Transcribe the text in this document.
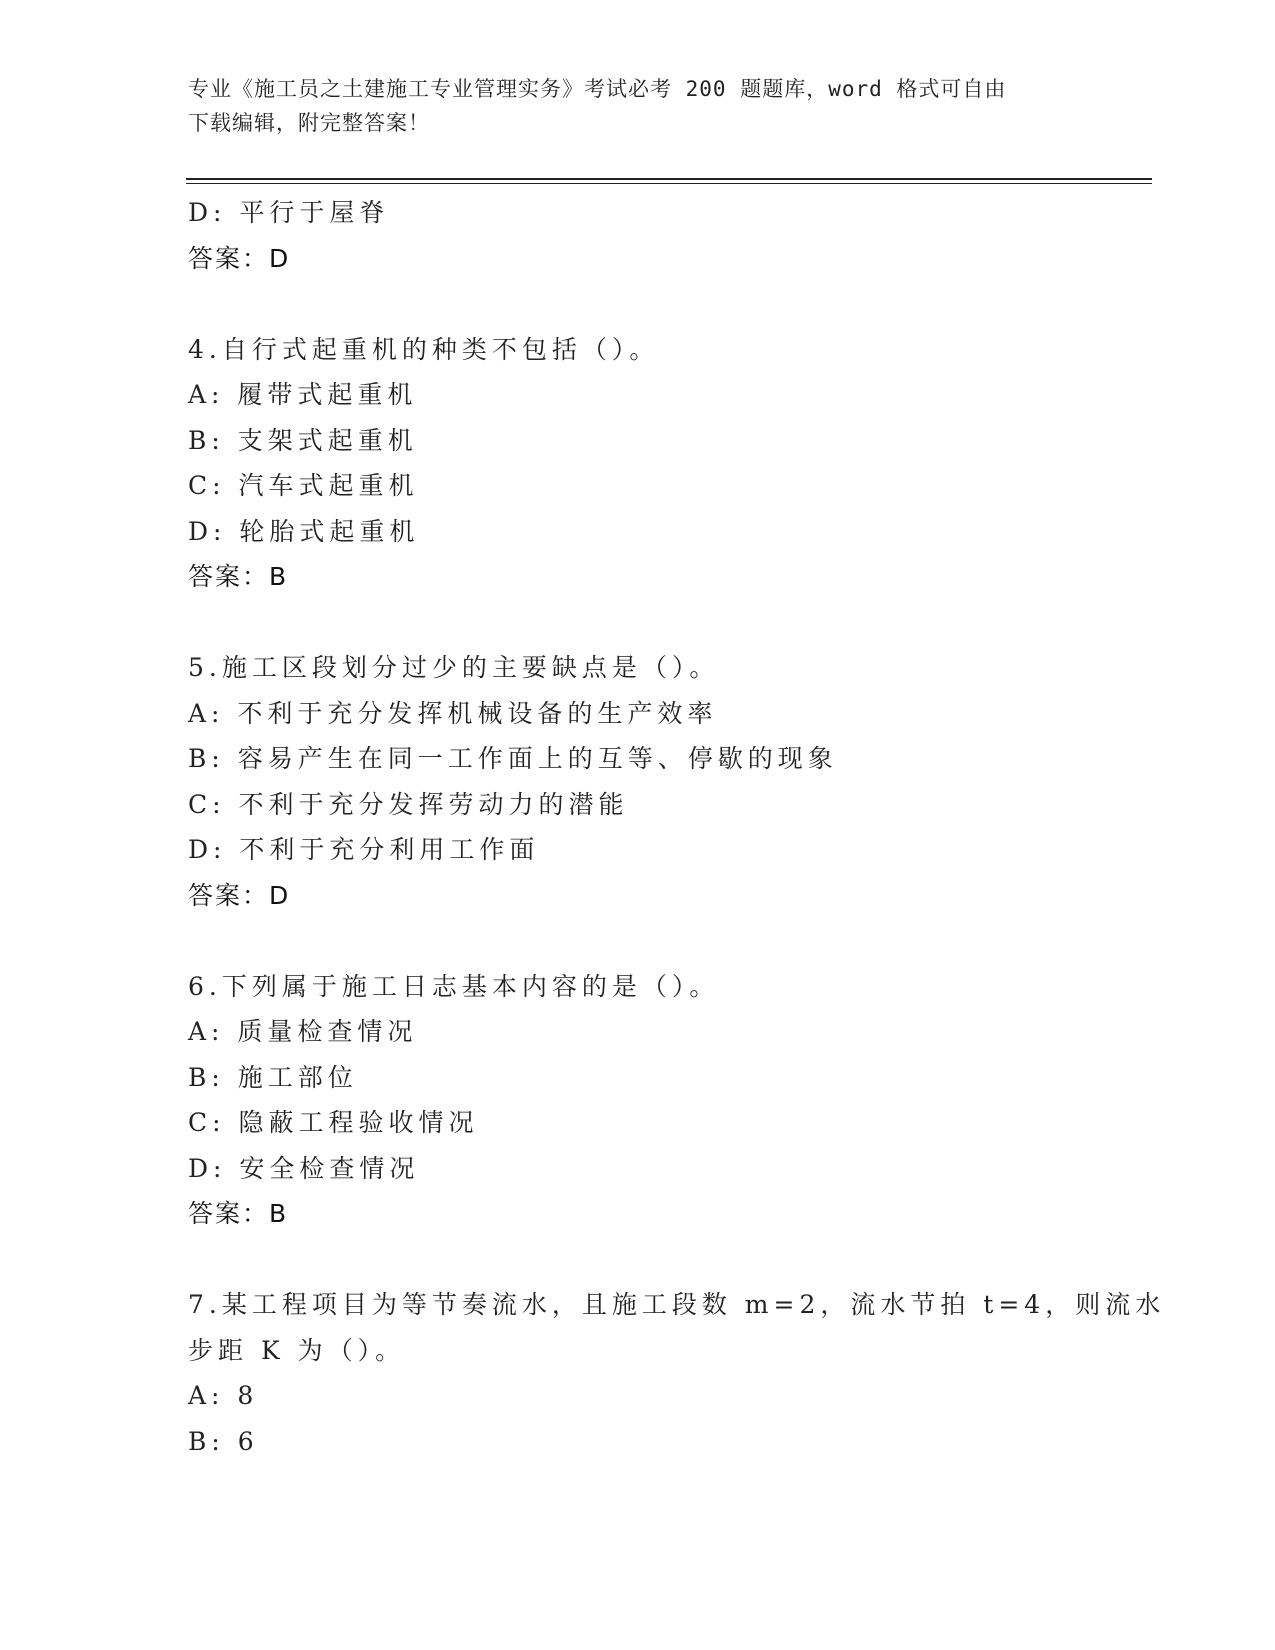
专业《施工员之土建施工专业管理实务》考试必考 200 题题库，word 格式可自由
下载编辑，附完整答案！
D: 平行于屋脊
答案：D
4.自行式起重机的种类不包括（）。
A: 履带式起重机
B: 支架式起重机
C: 汽车式起重机
D: 轮胎式起重机
答案：B
5.施工区段划分过少的主要缺点是（）。
A: 不利于充分发挥机械设备的生产效率
B: 容易产生在同一工作面上的互等、停歇的现象
C: 不利于充分发挥劳动力的潜能
D: 不利于充分利用工作面
答案：D
6.下列属于施工日志基本内容的是（）。
A: 质量检查情况
B: 施工部位
C: 隐蔽工程验收情况
D: 安全检查情况
答案：B
7.某工程项目为等节奏流水，且施工段数 m=2，流水节拍 t=4，则流水
步距 K 为（）。
A: 8
B: 6
